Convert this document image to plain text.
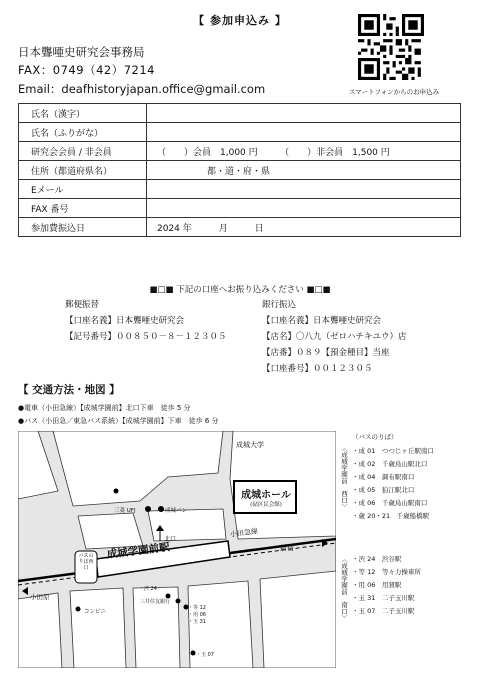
【 参加申込み 】
日本聾唖史研究会事務局
FAX：0749（42）7214
Email：deafhistoryjapan.office@gmail.com	スマートフォンからのお申込み
氏名（漢字）	
氏名（ふりがな）	
研究会会員 / 非会員	（　　）会員　1,000 円　　　（　　）非会員　1,500 円
住所（都道府県名）	都・道・府・県
Eメール	
FAX 番号	
参加費振込日	2024 年　　　月　　　日
■□■ 下記の口座へお振り込みください ■□■
郵便振替
【口座名義】日本聾唖史研究会
【記号番号】００８５０－８－１２３０５
銀行振込
【口座名義】日本聾唖史研究会
【店名】〇八九（ゼロハチキユウ）店
【店番】０８９【預金種目】当座
【口座番号】００１２３０５
【 交通方法・地図 】
●電車（小田急線）【成城学園前】北口下車　徒歩 5 分
●バス（小田急／東急バス系統）【成城学園前】下車　徒歩 6 分
成城大学
成城ホール
(砧区民会館)
成城学園前駅
小田急線
新宿
小田原
北口
三菱 UFJ	成城パン
コンビニ
バスのりば西口
・渋 24
・等 12
・用 06
・玉 31
・玉 07
三井住友銀行
〈成城学園前　西口〉
（バスのりば）
・成 01　つつじヶ丘駅南口
・成 02　千歳烏山駅北口
・成 04　調布駅南口
・成 05　狛江駅北口
・成 06　千歳烏山駅南口
・歳 20・21　千歳船橋駅
〈成城学園前　南口〉 ・渋 24　渋谷駅
・等 12　等々力操車所
・用 06　用賀駅
・玉 31　二子玉川駅
・玉 07　二子玉川駅
